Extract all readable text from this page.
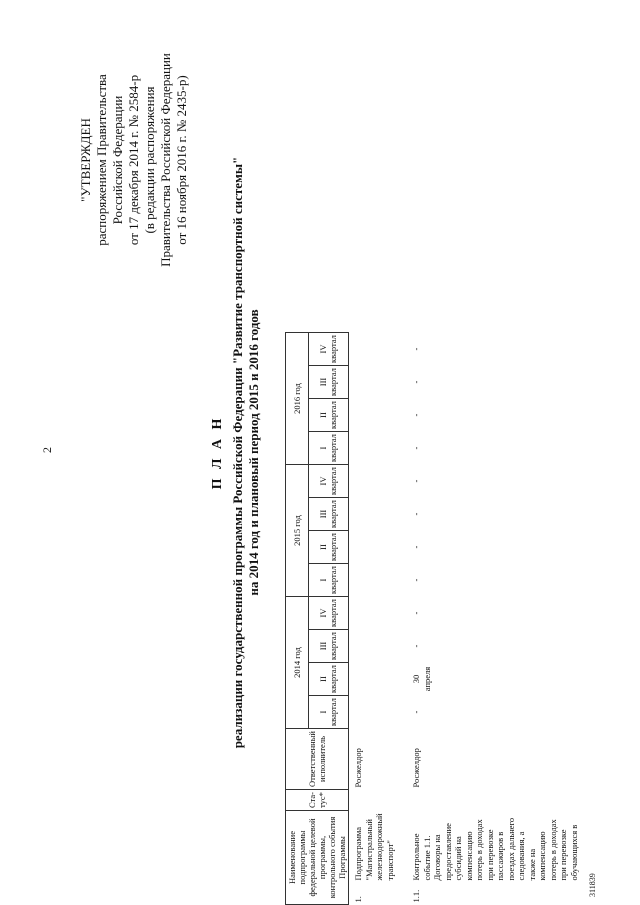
2
"УТВЕРЖДЕН распоряжением Правительства Российской Федерации от 17 декабря 2014 г. № 2584-р (в редакции распоряжения Правительства Российской Федерации от 16 ноября 2016 г. № 2435-р)
П Л А Н реализации государственной программы Российской Федерации "Развитие транспортной системы" на 2014 год и плановый период 2015 и 2016 годов
Наименование подпрограммы федеральной целевой программы, контрольного события Программы		Ста-тус*	Ответственный исполнитель	2014 год				2015 год				2016 год			
				I квартал	II квартал	III квартал	IV квартал	I квартал	II квартал	III квартал	IV квартал	I квартал	II квартал	III квартал	IV квартал
1.	Подпрограмма "Магистральный железнодорожный транспорт"		Росжелдор												
1.1.	Контрольное событие 1.1. Договоры на предоставление субсидий на компенсацию потерь в доходах при перевозке пассажиров в поездах дальнего следования, а также на компенсацию потерь в доходах при перевозке обучающихся в		Росжелдор	-	30 апреля	-	-	-	-	-	-	-	-	-	-
311839
